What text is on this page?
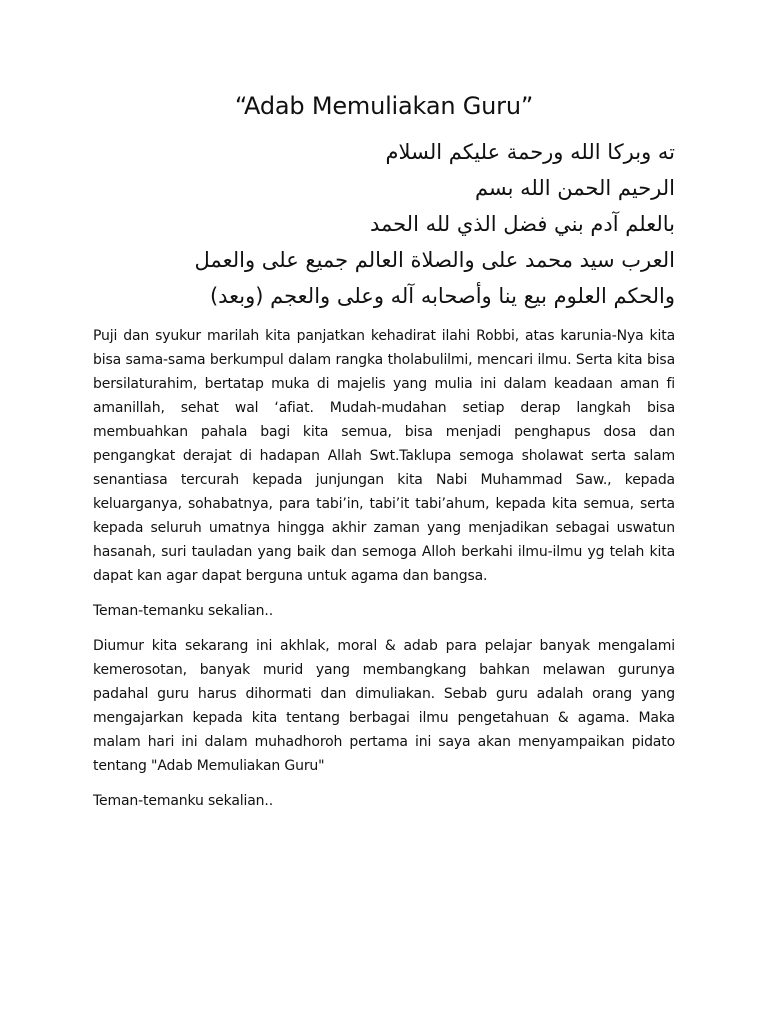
“Adab Memuliakan Guru”
ته وبركا الله ورحمة عليكم السلام
الرحيم الحمن الله بسم
بالعلم آدم بني فضل الذي لله الحمد
العرب سيد محمد على والصلاة العالم جميع على والعمل
والحكم العلوم بيع ينا وأصحابه آله وعلى والعجم (وبعد)

Puji dan syukur marilah kita panjatkan kehadirat ilahi Robbi, atas karunia-Nya kita bisa sama-sama berkumpul dalam rangka tholabulilmi, mencari ilmu. Serta kita bisa bersilaturahim, bertatap muka di majelis yang mulia ini dalam keadaan aman fi amanillah, sehat wal ‘afiat. Mudah-mudahan setiap derap langkah bisa membuahkan pahala bagi kita semua, bisa menjadi penghapus dosa dan pengangkat derajat di hadapan Allah Swt.Taklupa semoga sholawat serta salam senantiasa tercurah kepada junjungan kita Nabi Muhammad Saw., kepada keluarganya, sohabatnya, para tabi’in, tabi’it tabi’ahum, kepada kita semua, serta kepada seluruh umatnya hingga akhir zaman yang menjadikan sebagai uswatun hasanah, suri tauladan yang baik dan semoga Alloh berkahi ilmu-ilmu yg telah kita dapat kan agar dapat berguna untuk agama dan bangsa.

Teman-temanku sekalian..

Diumur kita sekarang ini akhlak, moral & adab para pelajar banyak mengalami kemerosotan, banyak murid yang membangkang bahkan melawan gurunya padahal guru harus dihormati dan dimuliakan. Sebab guru adalah orang yang mengajarkan kepada kita tentang berbagai ilmu pengetahuan & agama. Maka malam hari ini dalam muhadhoroh pertama ini saya akan menyampaikan pidato tentang "Adab Memuliakan Guru"

Teman-temanku sekalian..
